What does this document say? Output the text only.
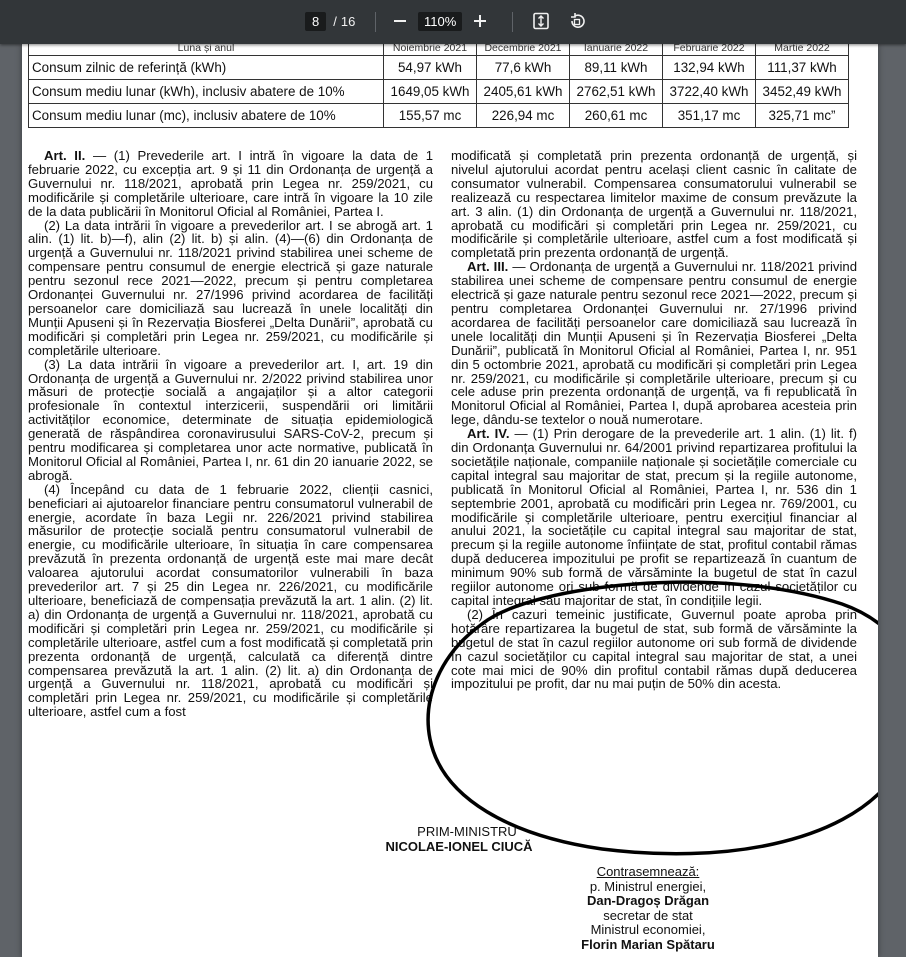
8	/ 16	110%
Luna și anul	Noiembrie 2021	Decembrie 2021	Ianuarie 2022	Februarie 2022	Martie 2022
Consum zilnic de referință (kWh)	54,97 kWh	77,6 kWh	89,11 kWh	132,94 kWh	111,37 kWh
Consum mediu lunar (kWh), inclusiv abatere de 10%	1649,05 kWh	2405,61 kWh	2762,51 kWh	3722,40 kWh	3452,49 kWh
Consum mediu lunar (mc), inclusiv abatere de 10%	155,57 mc	226,94 mc	260,61 mc	351,17 mc	325,71 mc”

Art. II. — (1) Prevederile art. I intră în vigoare la data de 1 februarie 2022, cu excepția art. 9 și 11 din Ordonanța de urgență a Guvernului nr. 118/2021, aprobată prin Legea nr. 259/2021, cu modificările și completările ulterioare, care intră în vigoare la 10 zile de la data publicării în Monitorul Oficial al României, Partea I.

(2) La data intrării în vigoare a prevederilor art. I se abrogă art. 1 alin. (1) lit. b)—f), alin (2) lit. b) și alin. (4)—(6) din Ordonanța de urgență a Guvernului nr. 118/2021 privind stabilirea unei scheme de compensare pentru consumul de energie electrică și gaze naturale pentru sezonul rece 2021—2022, precum și pentru completarea Ordonanței Guvernului nr. 27/1996 privind acordarea de facilități persoanelor care domiciliază sau lucrează în unele localități din Munții Apuseni și în Rezervația Biosferei „Delta Dunării”, aprobată cu modificări și completări prin Legea nr. 259/2021, cu modificările și completările ulterioare.

(3) La data intrării în vigoare a prevederilor art. I, art. 19 din Ordonanța de urgență a Guvernului nr. 2/2022 privind stabilirea unor măsuri de protecție socială a angajaților și a altor categorii profesionale în contextul interzicerii, suspendării ori limitării activităților economice, determinate de situația epidemiologică generată de răspândirea coronavirusului SARS-CoV-2, precum și pentru modificarea și completarea unor acte normative, publicată în Monitorul Oficial al României, Partea I, nr. 61 din 20 ianuarie 2022, se abrogă.

(4) Începând cu data de 1 februarie 2022, clienții casnici, beneficiari ai ajutoarelor financiare pentru consumatorul vulnerabil de energie, acordate în baza Legii nr. 226/2021 privind stabilirea măsurilor de protecție socială pentru consumatorul vulnerabil de energie, cu modificările ulterioare, în situația în care compensarea prevăzută în prezenta ordonanță de urgență este mai mare decât valoarea ajutorului acordat consumatorilor vulnerabili în baza prevederilor art. 7 și 25 din Legea nr. 226/2021, cu modificările ulterioare, beneficiază de compensația prevăzută la art. 1 alin. (2) lit. a) din Ordonanța de urgență a Guvernului nr. 118/2021, aprobată cu modificări și completări prin Legea nr. 259/2021, cu modificările și completările ulterioare, astfel cum a fost modificată și completată prin prezenta ordonanță de urgență, calculată ca diferență dintre compensarea prevăzută la art. 1 alin. (2) lit. a) din Ordonanța de urgență a Guvernului nr. 118/2021, aprobată cu modificări și completări prin Legea nr. 259/2021, cu modificările și completările ulterioare, astfel cum a fost

modificată și completată prin prezenta ordonanță de urgență, și nivelul ajutorului acordat pentru același client casnic în calitate de consumator vulnerabil. Compensarea consumatorului vulnerabil se realizează cu respectarea limitelor maxime de consum prevăzute la art. 3 alin. (1) din Ordonanța de urgență a Guvernului nr. 118/2021, aprobată cu modificări și completări prin Legea nr. 259/2021, cu modificările și completările ulterioare, astfel cum a fost modificată și completată prin prezenta ordonanță de urgență.

Art. III. — Ordonanța de urgență a Guvernului nr. 118/2021 privind stabilirea unei scheme de compensare pentru consumul de energie electrică și gaze naturale pentru sezonul rece 2021—2022, precum și pentru completarea Ordonanței Guvernului nr. 27/1996 privind acordarea de facilități persoanelor care domiciliază sau lucrează în unele localități din Munții Apuseni și în Rezervația Biosferei „Delta Dunării”, publicată în Monitorul Oficial al României, Partea I, nr. 951 din 5 octombrie 2021, aprobată cu modificări și completări prin Legea nr. 259/2021, cu modificările și completările ulterioare, precum și cu cele aduse prin prezenta ordonanță de urgență, va fi republicată în Monitorul Oficial al României, Partea I, după aprobarea acesteia prin lege, dându-se textelor o nouă numerotare.

Art. IV. — (1) Prin derogare de la prevederile art. 1 alin. (1) lit. f) din Ordonanța Guvernului nr. 64/2001 privind repartizarea profitului la societățile naționale, companiile naționale și societățile comerciale cu capital integral sau majoritar de stat, precum și la regiile autonome, publicată în Monitorul Oficial al României, Partea I, nr. 536 din 1 septembrie 2001, aprobată cu modificări prin Legea nr. 769/2001, cu modificările și completările ulterioare, pentru exercițiul financiar al anului 2021, la societățile cu capital integral sau majoritar de stat, precum și la regiile autonome înființate de stat, profitul contabil rămas după deducerea impozitului pe profit se repartizează în cuantum de minimum 90% sub formă de vărsăminte la bugetul de stat în cazul regiilor autonome ori sub formă de dividende în cazul societăților cu capital integral sau majoritar de stat, în condițiile legii.

(2) În cazuri temeinic justificate, Guvernul poate aproba prin hotărâre repartizarea la bugetul de stat, sub formă de vărsăminte la bugetul de stat în cazul regiilor autonome ori sub formă de dividende în cazul societăților cu capital integral sau majoritar de stat, a unei cote mai mici de 90% din profitul contabil rămas după deducerea impozitului pe profit, dar nu mai puțin de 50% din acesta.

PRIM-MINISTRU
NICOLAE-IONEL CIUCĂ
Contrasemnează:
p. Ministrul energiei,
Dan-Dragoș Drăgan
secretar de stat
Ministrul economiei,
Florin Marian Spătaru
